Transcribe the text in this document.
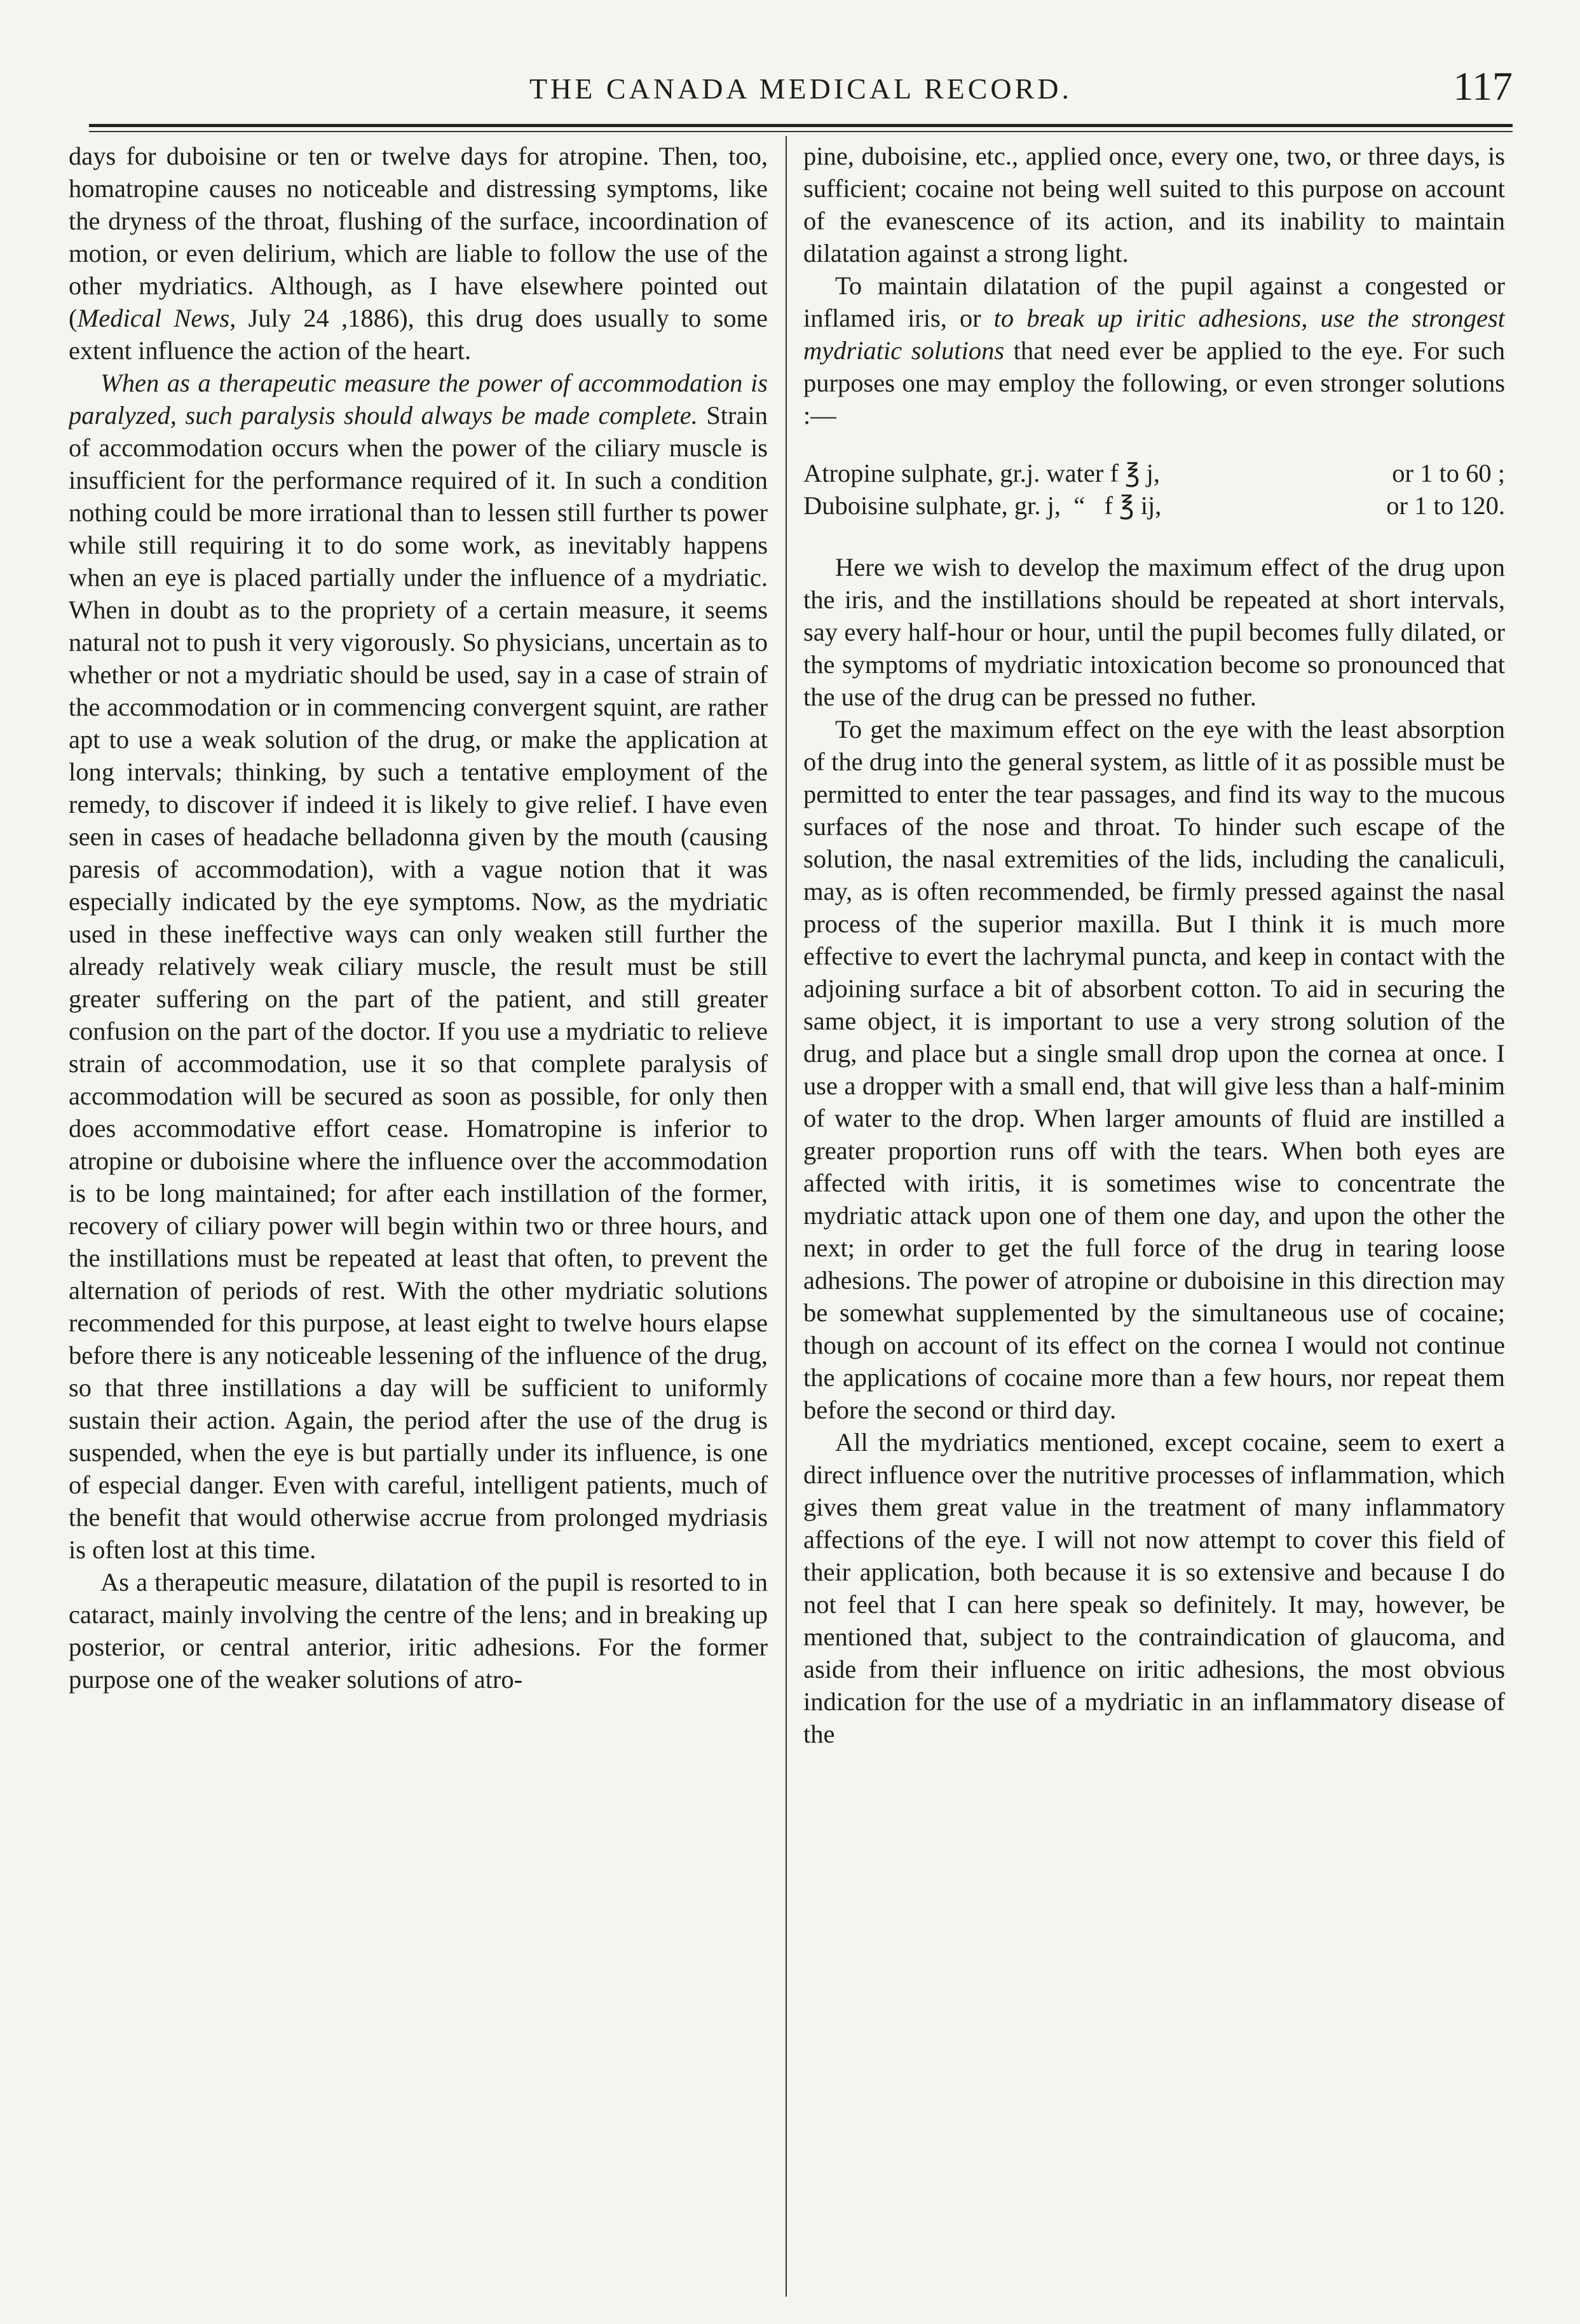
THE CANADA MEDICAL RECORD.	117

days for duboisine or ten or twelve days for atropine. Then, too, homatropine causes no noticeable and distressing symptoms, like the dryness of the throat, flushing of the surface, incoordination of motion, or even delirium, which are liable to follow the use of the other mydriatics. Although, as I have elsewhere pointed out (Medical News, July 24 ,1886), this drug does usually to some extent influence the action of the heart.

When as a therapeutic measure the power of accommodation is paralyzed, such paralysis should always be made complete. Strain of accommodation occurs when the power of the ciliary muscle is insufficient for the performance required of it. In such a condition nothing could be more irrational than to lessen still further ts power while still requiring it to do some work, as inevitably happens when an eye is placed partially under the influence of a mydriatic. When in doubt as to the propriety of a certain measure, it seems natural not to push it very vigorously. So physicians, uncertain as to whether or not a mydriatic should be used, say in a case of strain of the accommodation or in commencing convergent squint, are rather apt to use a weak solution of the drug, or make the application at long intervals; thinking, by such a tentative employment of the remedy, to discover if indeed it is likely to give relief. I have even seen in cases of headache belladonna given by the mouth (causing paresis of accommodation), with a vague notion that it was especially indicated by the eye symptoms. Now, as the mydriatic used in these ineffective ways can only weaken still further the already relatively weak ciliary muscle, the result must be still greater suffering on the part of the patient, and still greater confusion on the part of the doctor. If you use a mydriatic to relieve strain of accommodation, use it so that complete paralysis of accommodation will be secured as soon as possible, for only then does accommodative effort cease. Homatropine is inferior to atropine or duboisine where the influence over the accommodation is to be long maintained; for after each instillation of the former, recovery of ciliary power will begin within two or three hours, and the instillations must be repeated at least that often, to prevent the alternation of periods of rest. With the other mydriatic solutions recommended for this purpose, at least eight to twelve hours elapse before there is any noticeable lessening of the influence of the drug, so that three instillations a day will be sufficient to uniformly sustain their action. Again, the period after the use of the drug is suspended, when the eye is but partially under its influence, is one of especial danger. Even with careful, intelligent patients, much of the benefit that would otherwise accrue from prolonged mydriasis is often lost at this time.

As a therapeutic measure, dilatation of the pupil is resorted to in cataract, mainly involving the centre of the lens; and in breaking up posterior, or central anterior, iritic adhesions. For the former purpose one of the weaker solutions of atro-

pine, duboisine, etc., applied once, every one, two, or three days, is sufficient; cocaine not being well suited to this purpose on account of the evanescence of its action, and its inability to maintain dilatation against a strong light.

To maintain dilatation of the pupil against a congested or inflamed iris, or to break up iritic adhesions, use the strongest mydriatic solutions that need ever be applied to the eye. For such purposes one may employ the following, or even stronger solutions :—

Atropine sulphate, gr.j. water f ℥ j,	or 1 to 60 ;
Duboisine sulphate, gr. j,  “   f ℥ ij,	or 1 to 120.

Here we wish to develop the maximum effect of the drug upon the iris, and the instillations should be repeated at short intervals, say every half-hour or hour, until the pupil becomes fully dilated, or the symptoms of mydriatic intoxication become so pronounced that the use of the drug can be pressed no futher.

To get the maximum effect on the eye with the least absorption of the drug into the general system, as little of it as possible must be permitted to enter the tear passages, and find its way to the mucous surfaces of the nose and throat. To hinder such escape of the solution, the nasal extremities of the lids, including the canaliculi, may, as is often recommended, be firmly pressed against the nasal process of the superior maxilla. But I think it is much more effective to evert the lachrymal puncta, and keep in contact with the adjoining surface a bit of absorbent cotton. To aid in securing the same object, it is important to use a very strong solution of the drug, and place but a single small drop upon the cornea at once. I use a dropper with a small end, that will give less than a half-minim of water to the drop. When larger amounts of fluid are instilled a greater proportion runs off with the tears. When both eyes are affected with iritis, it is sometimes wise to concentrate the mydriatic attack upon one of them one day, and upon the other the next; in order to get the full force of the drug in tearing loose adhesions. The power of atropine or duboisine in this direction may be somewhat supplemented by the simultaneous use of cocaine; though on account of its effect on the cornea I would not continue the applications of cocaine more than a few hours, nor repeat them before the second or third day.

All the mydriatics mentioned, except cocaine, seem to exert a direct influence over the nutritive processes of inflammation, which gives them great value in the treatment of many inflammatory affections of the eye. I will not now attempt to cover this field of their application, both because it is so extensive and because I do not feel that I can here speak so definitely. It may, however, be mentioned that, subject to the contraindication of glaucoma, and aside from their influence on iritic adhesions, the most obvious indication for the use of a mydriatic in an inflammatory disease of the
